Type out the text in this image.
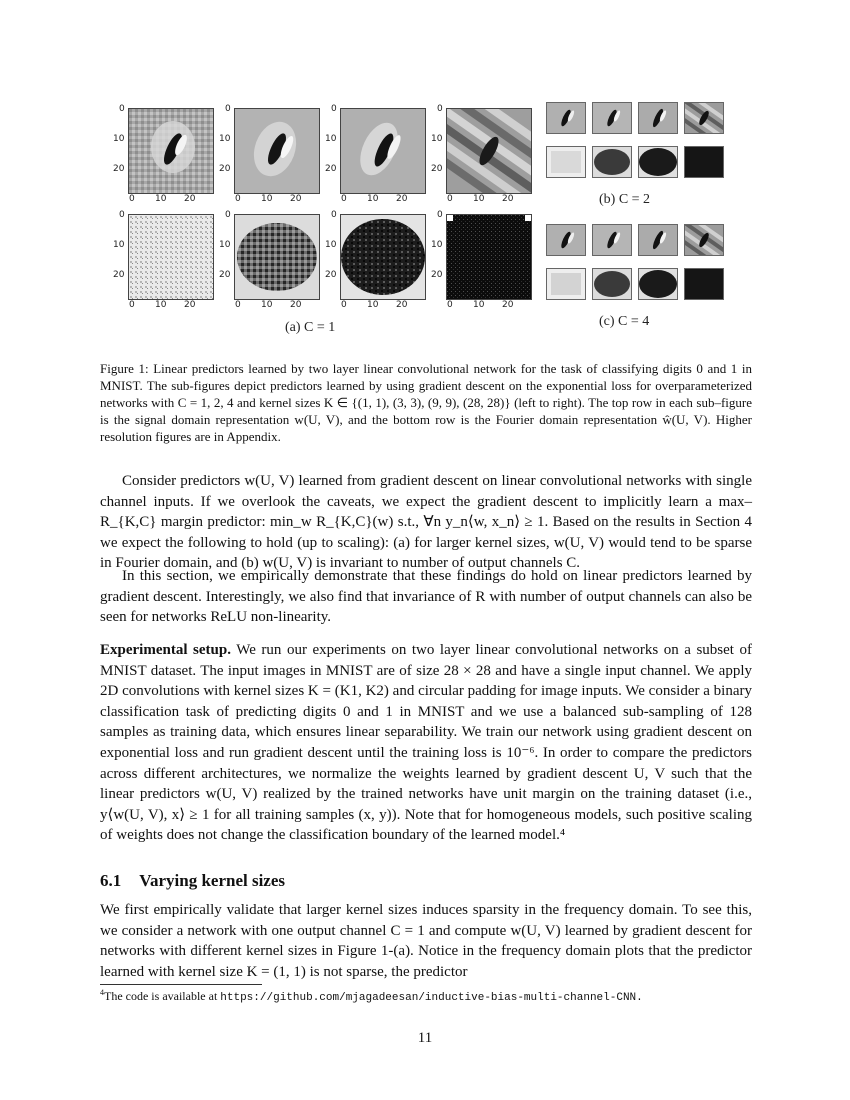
0
10
20
0
10
20
0
10
20
0
10
20
0
10
20
0
10
20
0
10
20
0
10
20
0 10 20	0 10 20	0 10 20	0 10 20
0 10 20	0 10 20	0 10 20	0 10 20
(a) C = 1
(b) C = 2
(c) C = 4
Figure 1: Linear predictors learned by two layer linear convolutional network for the task of classifying digits 0 and 1 in MNIST. The sub-figures depict predictors learned by using gradient descent on the exponential loss for overparameterized networks with C = 1, 2, 4 and kernel sizes K ∈ {(1, 1), (3, 3), (9, 9), (28, 28)} (left to right). The top row in each sub–figure is the signal domain representation w(U, V), and the bottom row is the Fourier domain representation ŵ(U, V). Higher resolution figures are in Appendix.

Consider predictors w(U, V) learned from gradient descent on linear convolutional networks with single channel inputs. If we overlook the caveats, we expect the gradient descent to implicitly learn a max–R_{K,C} margin predictor: min_w R_{K,C}(w) s.t., ∀n y_n⟨w, x_n⟩ ≥ 1. Based on the results in Section 4 we expect the following to hold (up to scaling): (a) for larger kernel sizes, w(U, V) would tend to be sparse in Fourier domain, and (b) w(U, V) is invariant to number of output channels C.

In this section, we empirically demonstrate that these findings do hold on linear predictors learned by gradient descent. Interestingly, we also find that invariance of R with number of output channels can also be seen for networks ReLU non-linearity.

Experimental setup. We run our experiments on two layer linear convolutional networks on a subset of MNIST dataset. The input images in MNIST are of size 28 × 28 and have a single input channel. We apply 2D convolutions with kernel sizes K = (K1, K2) and circular padding for image inputs. We consider a binary classification task of predicting digits 0 and 1 in MNIST and we use a balanced sub-sampling of 128 samples as training data, which ensures linear separability. We train our network using gradient descent on exponential loss and run gradient descent until the training loss is 10⁻⁶. In order to compare the predictors across different architectures, we normalize the weights learned by gradient descent U, V such that the linear predictors w(U, V) realized by the trained networks have unit margin on the training dataset (i.e., y⟨w(U, V), x⟩ ≥ 1 for all training samples (x, y)). Note that for homogeneous models, such positive scaling of weights does not change the classification boundary of the learned model.⁴

6.1 Varying kernel sizes

We first empirically validate that larger kernel sizes induces sparsity in the frequency domain. To see this, we consider a network with one output channel C = 1 and compute w(U, V) learned by gradient descent for networks with different kernel sizes in Figure 1-(a). Notice in the frequency domain plots that the predictor learned with kernel size K = (1, 1) is not sparse, the predictor

$^4$The code is available at https://github.com/mjagadeesan/inductive-bias-multi-channel-CNN.
11
